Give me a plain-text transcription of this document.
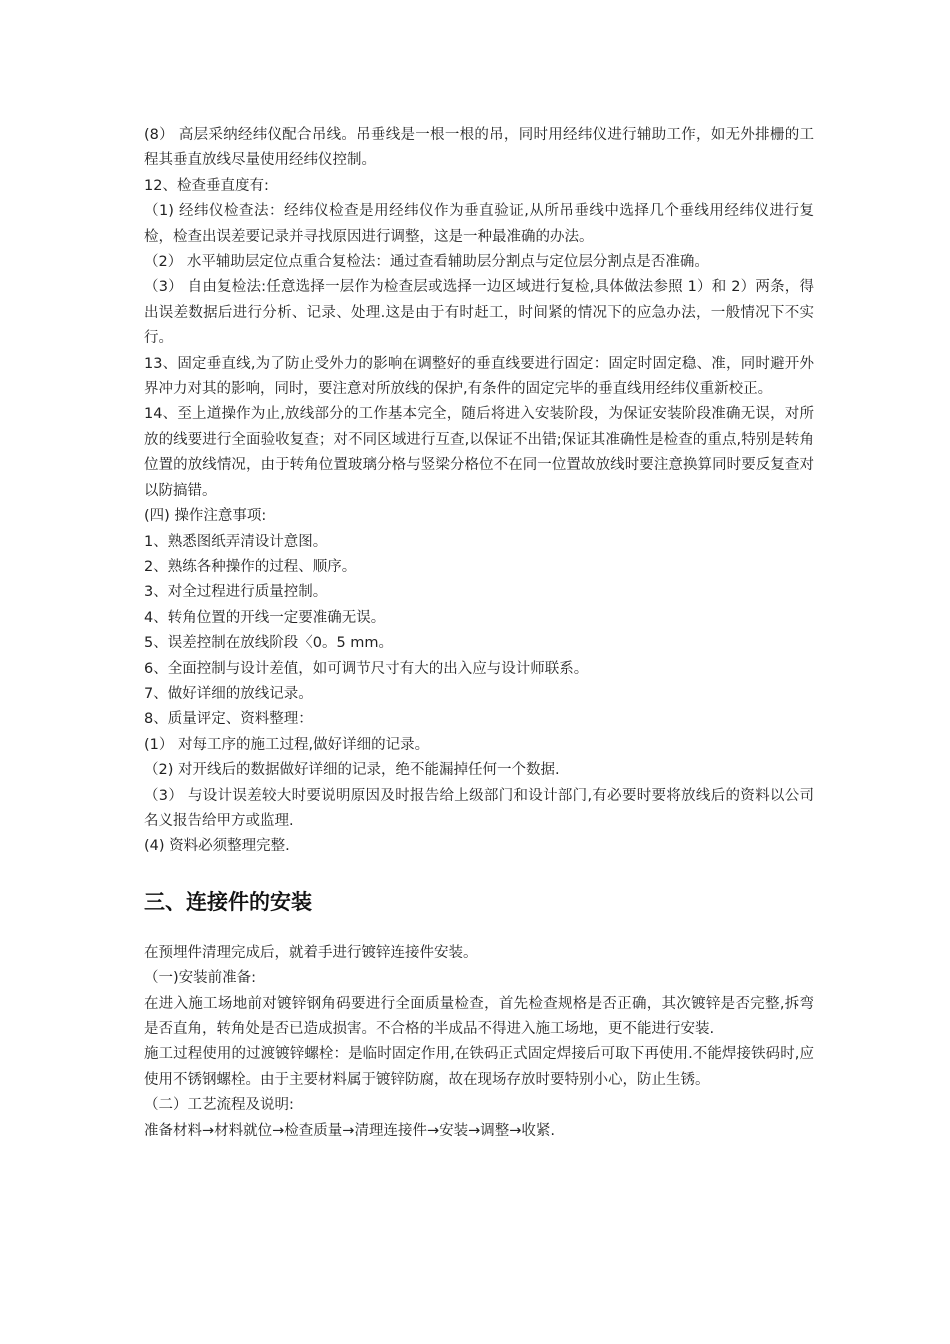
(8） 高层采纳经纬仪配合吊线。吊垂线是一根一根的吊，同时用经纬仪进行辅助工作，如无外排栅的工程其垂直放线尽量使用经纬仪控制。

12、检查垂直度有:

（1) 经纬仪检查法：经纬仪检查是用经纬仪作为垂直验证,从所吊垂线中选择几个垂线用经纬仪进行复检，检查出误差要记录并寻找原因进行调整，这是一种最准确的办法。

（2） 水平辅助层定位点重合复检法：通过查看辅助层分割点与定位层分割点是否准确。

（3） 自由复检法:任意选择一层作为检查层或选择一边区域进行复检,具体做法参照 1）和 2）两条，得出误差数据后进行分析、记录、处理.这是由于有时赶工，时间紧的情况下的应急办法，一般情况下不实行。

13、固定垂直线,为了防止受外力的影响在调整好的垂直线要进行固定：固定时固定稳、准，同时避开外界冲力对其的影响，同时，要注意对所放线的保护,有条件的固定完毕的垂直线用经纬仪重新校正。

14、至上道操作为止,放线部分的工作基本完全，随后将进入安装阶段，为保证安装阶段准确无误，对所放的线要进行全面验收复查；对不同区域进行互查,以保证不出错;保证其准确性是检查的重点,特别是转角位置的放线情况，由于转角位置玻璃分格与竖梁分格位不在同一位置故放线时要注意换算同时要反复查对以防搞错。

(四) 操作注意事项:

1、熟悉图纸弄清设计意图。

2、熟练各种操作的过程、顺序。

3、对全过程进行质量控制。

4、转角位置的开线一定要准确无误。

5、误差控制在放线阶段〈0。5 mm。

6、全面控制与设计差值，如可调节尺寸有大的出入应与设计师联系。

7、做好详细的放线记录。

8、质量评定、资料整理：

(1） 对每工序的施工过程,做好详细的记录。

（2) 对开线后的数据做好详细的记录，绝不能漏掉任何一个数据.

（3） 与设计误差较大时要说明原因及时报告给上级部门和设计部门,有必要时要将放线后的资料以公司名义报告给甲方或监理.

(4) 资料必须整理完整.

三、连接件的安装

在预埋件清理完成后，就着手进行镀锌连接件安装。

（一)安装前准备:

在进入施工场地前对镀锌钢角码要进行全面质量检查，首先检查规格是否正确，其次镀锌是否完整,拆弯是否直角，转角处是否已造成损害。不合格的半成品不得进入施工场地，更不能进行安装.

施工过程使用的过渡镀锌螺栓：是临时固定作用,在铁码正式固定焊接后可取下再使用.不能焊接铁码时,应使用不锈钢螺栓。由于主要材料属于镀锌防腐，故在现场存放时要特别小心，防止生锈。

（二）工艺流程及说明:

准备材料→材料就位→检查质量→清理连接件→安装→调整→收紧.
